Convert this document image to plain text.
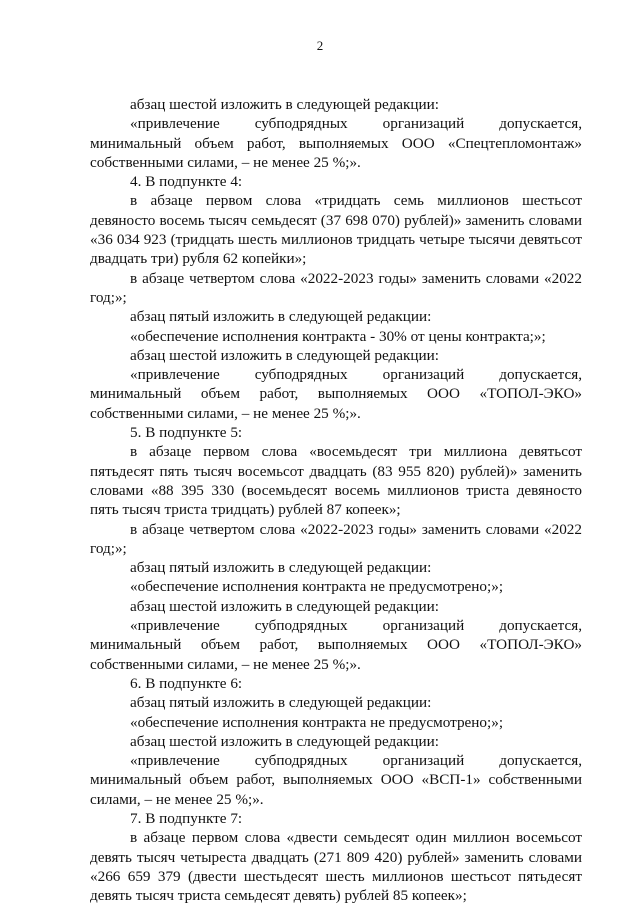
2

абзац шестой изложить в следующей редакции:

«привлечение субподрядных организаций допускается, минимальный объем работ, выполняемых ООО «Спецтепломонтаж» собственными силами, – не менее 25 %;».

4. В подпункте 4:

в абзаце первом слова «тридцать семь миллионов шестьсот девяносто восемь тысяч семьдесят (37 698 070) рублей)» заменить словами «36 034 923 (тридцать шесть миллионов тридцать четыре тысячи девятьсот двадцать три) рубля 62 копейки»;

в абзаце четвертом слова «2022-2023 годы» заменить словами «2022 год;»;

абзац пятый изложить в следующей редакции:

«обеспечение исполнения контракта - 30% от цены контракта;»;

абзац шестой изложить в следующей редакции:

«привлечение субподрядных организаций допускается, минимальный объем работ, выполняемых ООО «ТОПОЛ-ЭКО» собственными силами, – не менее 25 %;».

5. В подпункте 5:

в абзаце первом слова «восемьдесят три миллиона девятьсот пятьдесят пять тысяч восемьсот двадцать (83 955 820) рублей)» заменить словами «88 395 330 (восемьдесят восемь миллионов триста девяносто пять тысяч триста тридцать) рублей 87 копеек»;

в абзаце четвертом слова «2022-2023 годы» заменить словами «2022 год;»;

абзац пятый изложить в следующей редакции:

«обеспечение исполнения контракта не предусмотрено;»;

абзац шестой изложить в следующей редакции:

«привлечение субподрядных организаций допускается, минимальный объем работ, выполняемых ООО «ТОПОЛ-ЭКО» собственными силами, – не менее 25 %;».

6. В подпункте 6:

абзац пятый изложить в следующей редакции:

«обеспечение исполнения контракта не предусмотрено;»;

абзац шестой изложить в следующей редакции:

«привлечение субподрядных организаций допускается, минимальный объем работ, выполняемых ООО «ВСП-1» собственными силами, – не менее 25 %;».

7. В подпункте 7:

в абзаце первом слова «двести семьдесят один миллион восемьсот девять тысяч четыреста двадцать (271 809 420) рублей» заменить словами «266 659 379 (двести шестьдесят шесть миллионов шестьсот пятьдесят девять тысяч триста семьдесят девять) рублей 85 копеек»;
